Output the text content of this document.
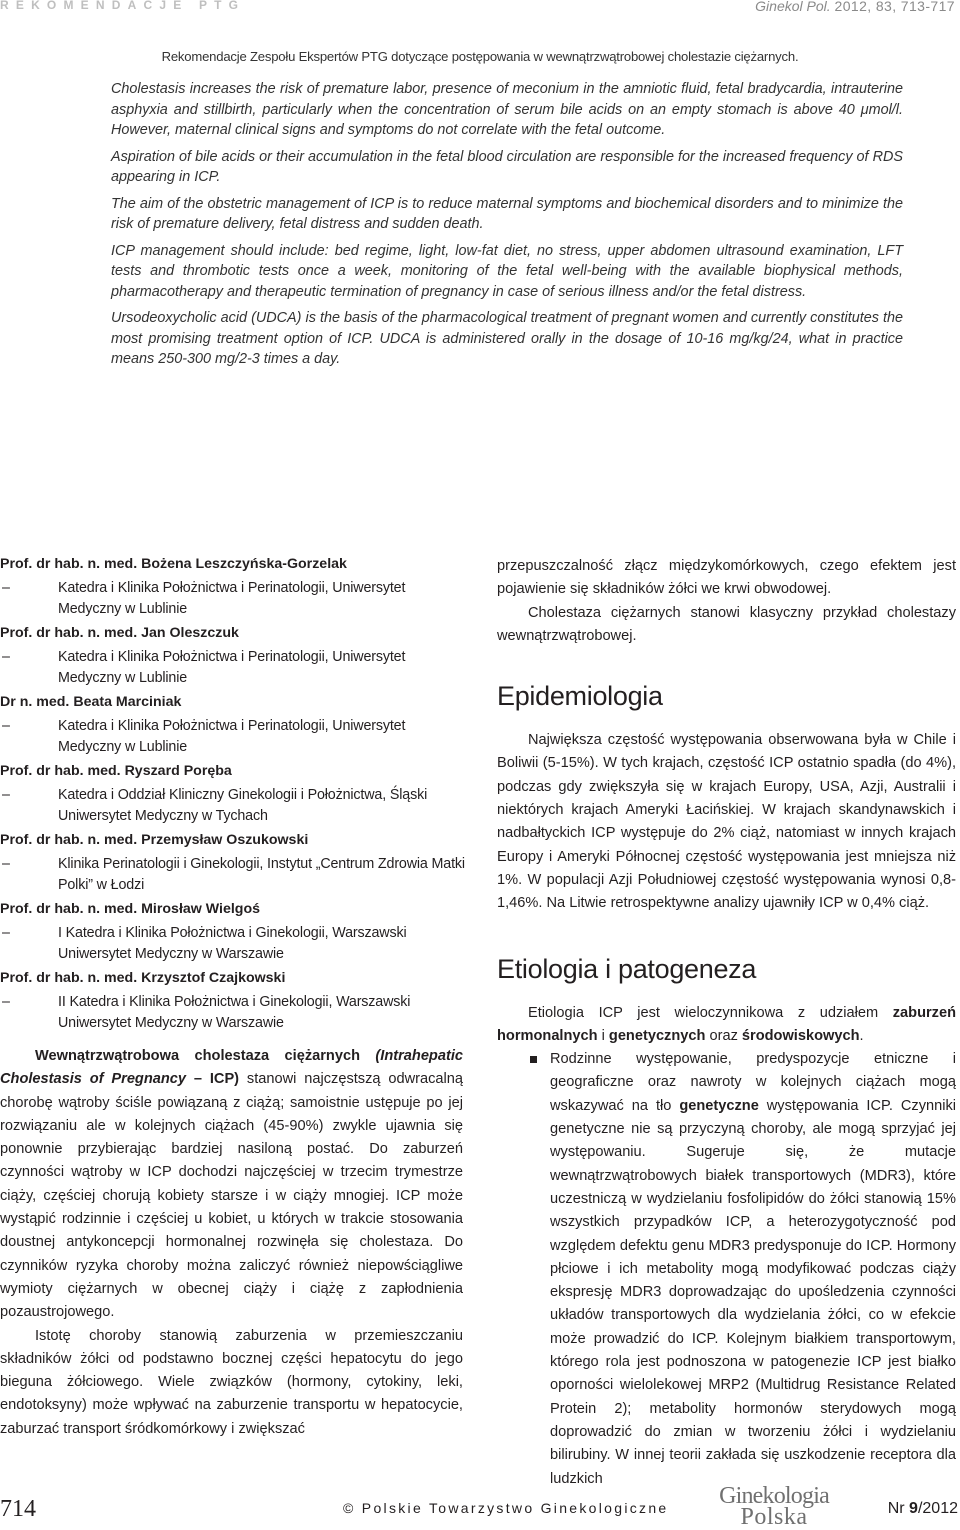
REKOMENDACJE PTG	Ginekol Pol. 2012, 83, 713-717
Rekomendacje Zespołu Ekspertów PTG dotyczące postępowania w wewnątrzwątrobowej cholestazie ciężarnych.

Cholestasis increases the risk of premature labor, presence of meconium in the amniotic fluid, fetal bradycardia, intrauterine asphyxia and stillbirth, particularly when the concentration of serum bile acids on an empty stomach is above 40 μmol/l. However, maternal clinical signs and symptoms do not correlate with the fetal outcome.

Aspiration of bile acids or their accumulation in the fetal blood circulation are responsible for the increased frequency of RDS appearing in ICP.

The aim of the obstetric management of ICP is to reduce maternal symptoms and biochemical disorders and to minimize the risk of premature delivery, fetal distress and sudden death.

ICP management should include: bed regime, light, low-fat diet, no stress, upper abdomen ultrasound examination, LFT tests and thrombotic tests once a week, monitoring of the fetal well-being with the available biophysical methods, pharmacotherapy and therapeutic termination of pregnancy in case of serious illness and/or the fetal distress.

Ursodeoxycholic acid (UDCA) is the basis of the pharmacological treatment of pregnant women and currently constitutes the most promising treatment option of ICP. UDCA is administered orally in the dosage of 10-16 mg/kg/24, what in practice means 250-300 mg/2-3 times a day.

Prof. dr hab. n. med. Bożena Leszczyńska-Gorzelak
–	Katedra i Klinika Położnictwa i Perinatologii, Uniwersytet Medyczny w Lublinie
Prof. dr hab. n. med. Jan Oleszczuk
–	Katedra i Klinika Położnictwa i Perinatologii, Uniwersytet Medyczny w Lublinie
Dr n. med. Beata Marciniak
–	Katedra i Klinika Położnictwa i Perinatologii, Uniwersytet Medyczny w Lublinie
Prof. dr hab. med. Ryszard Poręba
–	Katedra i Oddział Kliniczny Ginekologii i Położnictwa, Śląski Uniwersytet Medyczny w Tychach
Prof. dr hab. n. med. Przemysław Oszukowski
–	Klinika Perinatologii i Ginekologii, Instytut „Centrum Zdrowia Matki Polki” w Łodzi
Prof. dr hab. n. med. Mirosław Wielgoś
–	I Katedra i Klinika Położnictwa i Ginekologii, Warszawski Uniwersytet Medyczny w Warszawie
Prof. dr hab. n. med. Krzysztof Czajkowski
–	II Katedra i Klinika Położnictwa i Ginekologii, Warszawski Uniwersytet Medyczny w Warszawie

Wewnątrzwątrobowa cholestaza ciężarnych (Intrahepatic Cholestasis of Pregnancy – ICP) stanowi najczęstszą odwracalną chorobę wątroby ściśle powiązaną z ciążą; samoistnie ustępuje po jej rozwiązaniu ale w kolejnych ciążach (45-90%) zwykle ujawnia się ponownie przybierając bardziej nasiloną postać. Do zaburzeń czynności wątroby w ICP dochodzi najczęściej w trzecim trymestrze ciąży, częściej chorują kobiety starsze i w ciąży mnogiej. ICP może wystąpić rodzinnie i częściej u kobiet, u których w trakcie stosowania doustnej antykoncepcji hormonalnej rozwinęła się cholestaza. Do czynników ryzyka choroby można zaliczyć również niepowściągliwe wymioty ciężarnych w obecnej ciąży i ciążę z zapłodnienia pozaustrojowego.

Istotę choroby stanowią zaburzenia w przemieszczaniu składników żółci od podstawno bocznej części hepatocytu do jego bieguna żółciowego. Wiele związków (hormony, cytokiny, leki, endotoksyny) może wpływać na zaburzenie transportu w hepatocycie, zaburzać transport śródkomórkowy i zwiększać

przepuszczalność złącz międzykomórkowych, czego efektem jest pojawienie się składników żółci we krwi obwodowej.

Cholestaza ciężarnych stanowi klasyczny przykład cholestazy wewnątrzwątrobowej.

Epidemiologia

Największa częstość występowania obserwowana była w Chile i Boliwii (5-15%). W tych krajach, częstość ICP ostatnio spadła (do 4%), podczas gdy zwiększyła się w krajach Europy, USA, Azji, Australii i niektórych krajach Ameryki Łacińskiej. W krajach skandynawskich i nadbałtyckich ICP występuje do 2% ciąż, natomiast w innych krajach Europy i Ameryki Północnej częstość występowania jest mniejsza niż 1%. W populacji Azji Południowej częstość występowania wynosi 0,8-1,46%. Na Litwie retrospektywne analizy ujawniły ICP w 0,4% ciąż.

Etiologia i patogeneza

Etiologia ICP jest wieloczynnikowa z udziałem zaburzeń hormonalnych i genetycznych oraz środowiskowych.

Rodzinne występowanie, predyspozycje etniczne i geograficzne oraz nawroty w kolejnych ciążach mogą wskazywać na tło genetyczne występowania ICP. Czynniki genetyczne nie są przyczyną choroby, ale mogą sprzyjać jej występowaniu. Sugeruje się, że mutacje wewnątrzwątrobowych białek transportowych (MDR3), które uczestniczą w wydzielaniu fosfolipidów do żółci stanowią 15% wszystkich przypadków ICP, a heterozygotyczność pod względem defektu genu MDR3 predysponuje do ICP. Hormony płciowe i ich metabolity mogą modyfikować podczas ciąży ekspresję MDR3 doprowadzając do upośledzenia czynności układów transportowych dla wydzielania żółci, co w efekcie może prowadzić do ICP. Kolejnym białkiem transportowym, którego rola jest podnoszona w patogenezie ICP jest białko oporności wielolekowej MRP2 (Multidrug Resistance Related Protein 2); metabolity hormonów sterydowych mogą doprowadzić do zmian w tworzeniu żółci i wydzielaniu bilirubiny. W innej teorii zakłada się uszkodzenie receptora dla ludzkich
714	© Polskie Towarzystwo Ginekologiczne	Ginekologia
Polska	Nr 9/2012
